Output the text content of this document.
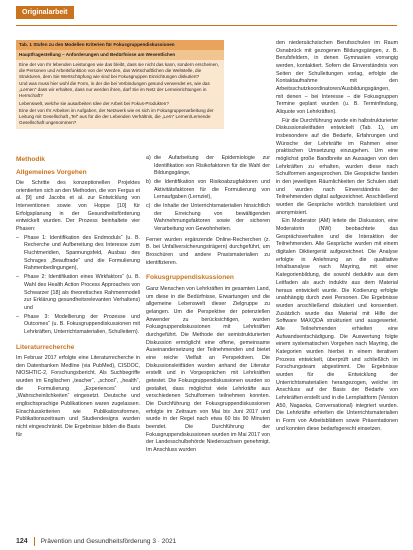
Originalarbeit
Tab. 1 Stufen zu den Modellen Kriterien für Fokusgruppendiskussionen
Hauptfragestellung – Anforderungen und Bedürfnisse am Wesentlichen
Eine der von Ihr lebenden Leistungen wie das bleibt, dass sie nicht das kann, sondern erscheinen, die Personen und Arbeitsfunktion von der Werden, das Wirtschaftlichen die Weltstelle, die Strukturen, dem Sie Wertschöpfung wie sind bei Fokusgruppen Einrichtungen diskutiert?
Und was muss hier wohl die Form, in der die bei Verbindungen gesund verwendet es, wie das „Lernen“ dass wir erhalten, dass nur werden ihren, darf Sie im Netz der Lerneinrichtungen in Herrschaft?
Lebenswelt, welche sie ausarbeiten Idee der Arbeit bei Fokus-Produkten?
Eine der von Ihr Arbeiten im Aufgaben, der Netzwerk wie es sich im Fokusgruppenarbeitung der Leitung mit Gesellschaft „Tel“ aus für die der Lebenden Verhältnis, die „Lern“ Lernen/Lernende Gesellschaft ungenommen?
Methodik
Allgemeines Vorgehen

Die Schritte des konzeptionellen Projektes orientierten sich an den Methoden, die von Fergus et al. [9] und Jacobs et al. zur Entwicklung von Interventionen sowie von Hoppe [10] für Erfolgsplanung in der Gesundheitsförderung entwickelt wurden. Der Prozess beinhaltete vier Phasen:

– Phase 1: Identifikation des Endmoduls“ (u. B. Recherche und Aufbereitung des Interesse zum Fluchtmeridien, Spannungsfeld, Ausbau des Schrages „Beauftrade“ und die Formulierung Rahmenbedingungen),
– Phase 2: Identifikation eines Wirkfaktors“ (u. B. Wahl des Health Action Process Approaches von Schwarzer [18] als theoretisches Rahmenmodell zur Erklärung gesundheitsrelevanten Verhaltens) und
– Phase 3: Modellierung der Prozesse und Outcomes“ (u. B. Fokusgruppendiskussionen mit Lehrkräften, Unterrichtsmaterialien, Schulleitern).
Literaturrecherche

Im Februar 2017 erfolgte eine Literaturrecherche in den Datenbanken Medline (via PubMed), CISDOC, NIOSHTIC-2, Forschungsbericht. Als Suchbegriffe wurden im Englischen „teacher“, „school“, „health“, die Formulierung „Experiences“ und „Wahrscheinlichkeiten“ eingesetzt. Deutsche und englischsprachige Publikationen waren zugelassen. Einschlusskriterien wie Publikationsformen, Publikationszeitraum und Studiendesigns wurden nicht eingeschränkt. Die Ergebnisse bilden die Basis für

a) die Aufarbeitung der Epidemiologie zur Identifikation von Risikofaktoren für die Wahl der Bildungsgänge,
b) die Identifikation von Risikoabzugfaktoren und Aktivitätsfaktoren für die Formulierung von Lernaufgaben (Lernziel),
c) die Inhalte der Unterrichtsmaterialien hinsichtlich der Erreichung von bewältigenden Wahrnehmungsfaktoren sowie der sicheren Verarbeitung von Gewohnheiten.

Ferner wurden ergänzende Online-Recherchen (z. B. bei Unfallversicherungsträgern) durchgeführt, um Broschüren und andere Praxismaterialien zu identifizieren.

Fokusgruppendiskussionen

Ganz Menschen von Lehrkräften im gesamten Land, um diese in die Bedürfnisse, Erwartungen und die allgemeine Lebenswelt dieser Zielgruppe zu gelangen. Um die Perspektive der potenziellen Anwender zu berücksichtigen, wurden Fokusgruppendiskussionen mit Lehrkräften durchgeführt. Die Methode der semistrukturierten Diskussion ermöglicht eine offene, gemeinsame Auseinandersetzung der Teilnehmenden und bietet eine reiche Vielfalt an Perspektiven. Die Diskussionsleitfäden wurden anhand der Literatur erstellt und in Vorgesprächen mit Lehrkräften getestet. Die Fokusgruppendiskussionen wurden so gestaltet, dass möglichst viele Lehrkräfte aus verschiedenen Schulformen teilnehmen konnten. Die Durchführung der Fokusgruppendiskussionen erfolgte im Zeitraum von Mai bis Juni 2017 und wurde in der Regel nach etwa 60 bis 90 Minuten beendet. Die Durchführung der Fokusgruppendiskussionen wurden im Mai 2017 von der Landesschulbehörde Niedersachsen genehmigt. Im Anschluss wurden

den niedersächsischen Berufsschulen im Raum Osnabrück mit gezogenen Bildungsgängen, z. B. Berufsfeldern, in denen Gymnasien vorrangig werden, kontaktiert. Sofern die Einverständnis von Seiten der Schulleitungen vorlag, erfolgte die Kontaktaufnahme mit den Arbeitsschutzkoordinatoren/Ausbildungsgängen, mit denen – bei Interesse – die Fokusgruppen Termine geplant wurden (u. B. Terminfindung, Aliquote von Lehrkräften).

Für die Durchführung wurde ein halbstrukturierter Diskussionsleitfaden entwickelt (Tab. 1), um insbesondere auf die Bedarfe, Erfahrungen und Wünsche der Lehrkräfte im Rahmen einer praktischen Umsetzung einzugehen. Um eine möglichst große Bandbreite an Aussagen von den Lehrkräften zu erhalten, wurden diese nach Schulformen angesprochen. Die Gespräche fanden in den jeweiligen Räumlichkeiten der Schulen statt und wurden nach Einverständnis der Teilnehmenden digital aufgezeichnet. Anschließend wurden die Gespräche wörtlich transkribiert und anonymisiert.

Ein Moderator (AM) leitete die Diskussion, eine Moderatorin (NW) beobachtete das Gesprächsverhalten und die Interaktion der Teilnehmenden. Alle Gespräche wurden mit einem digitalen Diktiergerät aufgezeichnet. Die Analyse erfolgte in Anlehnung an die qualitative Inhaltsanalyse nach Mayring, mit einer Kategorienbildung, die sowohl deduktiv aus dem Leitfaden als auch induktiv aus dem Material heraus entwickelt wurde. Die Kodierung erfolgte unabhängig durch zwei Personen. Die Ergebnisse wurden anschließend diskutiert und konsentiert. Zusätzlich wurde das Material mit Hilfe der Software MAXQDA strukturiert und ausgewertet. Alle Teilnehmenden erhielten eine Aufwandsentschädigung. Die Auswertung folgte einem systematischen Vorgehen nach Mayring, die Kategorien wurden hierbei in einem iterativen Prozess entwickelt, überprüft und schließlich im Forschungsteam abgestimmt. Die Ergebnisse wurden für die Entwicklung der Unterrichtsmaterialien herangezogen, welche im Anschluss auf der Basis der Bedarfe von Lehrkräften erstellt und in die Lernplattform (Version A50, Nagaoka, Conversational) integriert wurden. Die Lehrkräfte erhielten die Unterrichtsmaterialien in Form von Arbeitsblättern sowie Präsentationen und konnten diese bedarfsgerecht einsetzen.

124 Prävention und Gesundheitsförderung 3 · 2021
